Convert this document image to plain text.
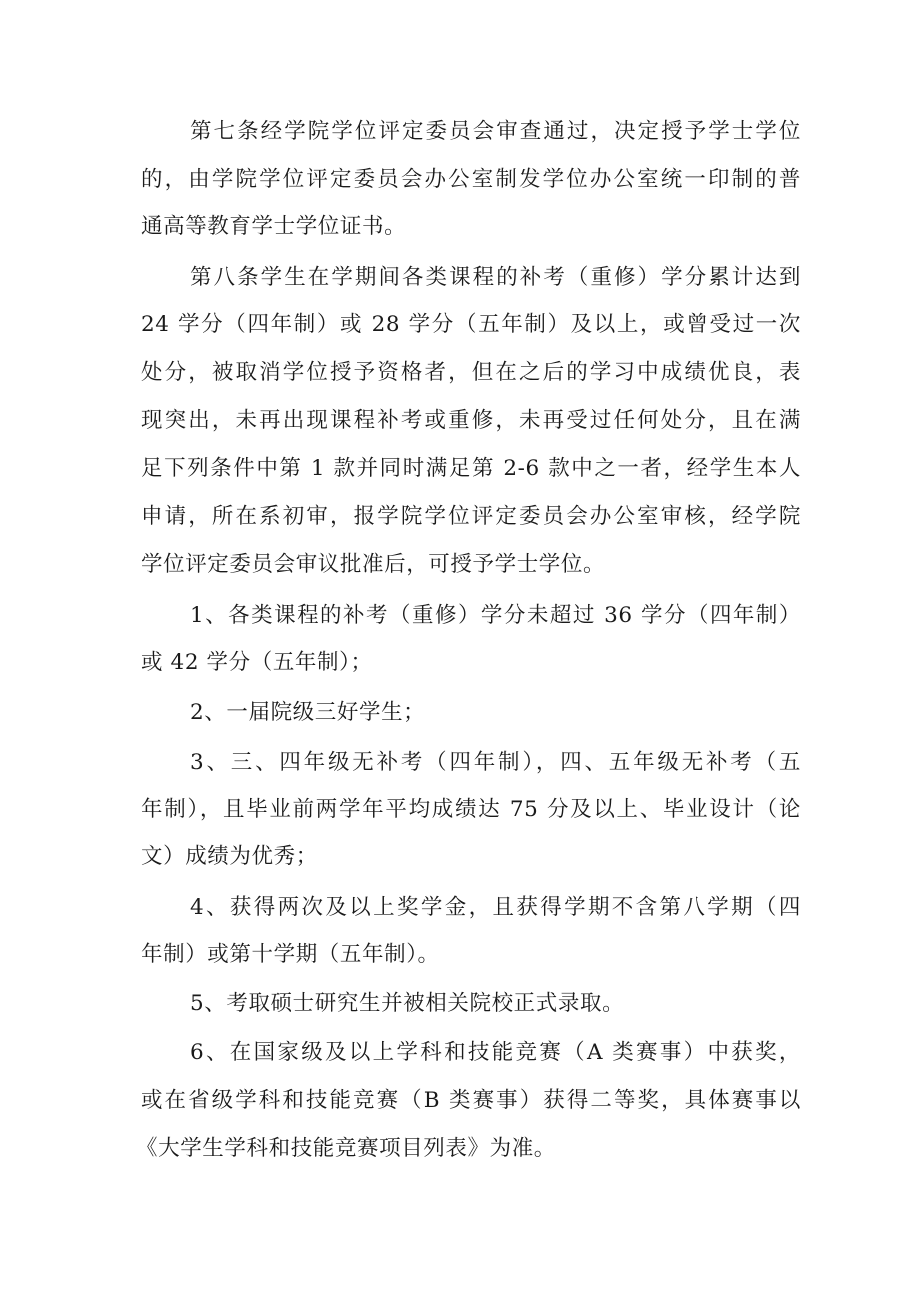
第七条经学院学位评定委员会审查通过，决定授予学士学位
的，由学院学位评定委员会办公室制发学位办公室统一印制的普
通高等教育学士学位证书。
第八条学生在学期间各类课程的补考（重修）学分累计达到
24 学分（四年制）或 28 学分（五年制）及以上，或曾受过一次
处分，被取消学位授予资格者，但在之后的学习中成绩优良，表
现突出，未再出现课程补考或重修，未再受过任何处分，且在满
足下列条件中第 1 款并同时满足第 2-6 款中之一者，经学生本人
申请，所在系初审，报学院学位评定委员会办公室审核，经学院
学位评定委员会审议批准后，可授予学士学位。
1、各类课程的补考（重修）学分未超过 36 学分（四年制）
或 42 学分（五年制）；
2、一届院级三好学生；
3、三、四年级无补考（四年制），四、五年级无补考（五
年制），且毕业前两学年平均成绩达 75 分及以上、毕业设计（论
文）成绩为优秀；
4、获得两次及以上奖学金，且获得学期不含第八学期（四
年制）或第十学期（五年制）。
5、考取硕士研究生并被相关院校正式录取。
6、在国家级及以上学科和技能竞赛（A 类赛事）中获奖，
或在省级学科和技能竞赛（B 类赛事）获得二等奖，具体赛事以
《大学生学科和技能竞赛项目列表》为准。
